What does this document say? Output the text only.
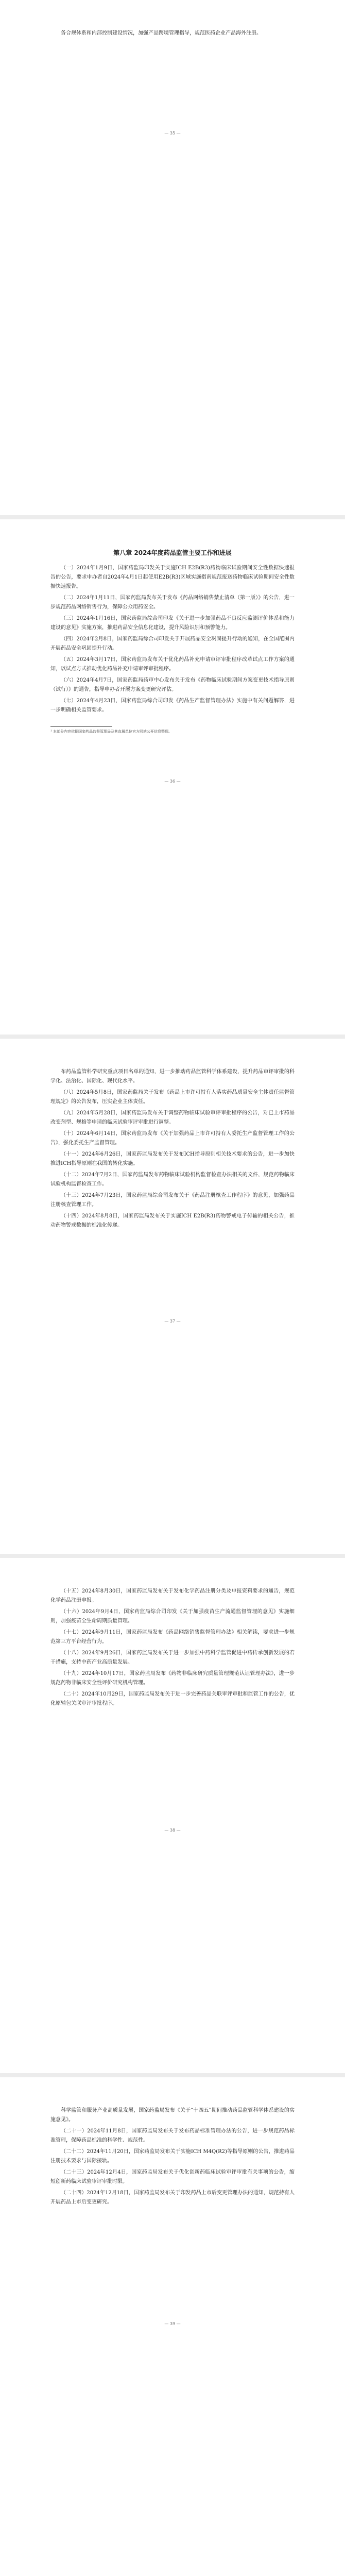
务合规体系和内部控制建设情况，加强产品跨境管理指导，规范医药企业产品海外注册。

— 35 —
第八章 2024年度药品监管主要工作和进展

（一）2024年1月9日，国家药监局印发关于实施ICH E2B(R3)药物临床试验期间安全性数据快速报告的公告，要求申办者自2024年4月1日起使用E2B(R3)区域实施指南规范报送药物临床试验期间安全性数据快速报告。

（二）2024年1月11日，国家药监局发布关于发布《药品网络销售禁止清单（第一版）》的公告，进一步规范药品网络销售行为，保障公众用药安全。

（三）2024年1月16日，国家药监局综合司印发《关于进一步加强药品不良反应监测评价体系和能力建设的意见》实施方案，推进药品安全信息化建设，提升风险识别和预警能力。

（四）2024年2月8日，国家药监局综合司印发关于开展药品安全巩固提升行动的通知，在全国范围内开展药品安全巩固提升行动。

（五）2024年3月17日，国家药监局发布关于优化药品补充申请审评审批程序改革试点工作方案的通知，以试点方式推动优化药品补充申请审评审批程序。

（六）2024年4月7日，国家药监局药审中心发布关于发布《药物临床试验期间方案变更技术指导原则（试行）》的通告，指导申办者开展方案变更研究评估。

（七）2024年4月23日，国家药监局综合司印发《药品生产监督管理办法》实施中有关问题解答，进一步明确相关监管要求。

¹ 本部分内容依据国家药品监督管理局及其直属单位官方网站公开信息整理。
— 36 —

布药品监管科学研究重点项目名单的通知，进一步推动药品监管科学体系建设，提升药品审评审批的科学化、法治化、国际化、现代化水平。

（八）2024年5月8日，国家药监局关于发布《药品上市许可持有人落实药品质量安全主体责任监督管理规定》的公告发布，压实企业主体责任。

（九）2024年5月28日，国家药监局发布关于调整药物临床试验审评审批程序的公告，对已上市药品改变剂型、规格等申请的临床试验审评审批进行调整。

（十）2024年6月14日，国家药监局发布《关于加强药品上市许可持有人委托生产监督管理工作的公告》，强化委托生产监督管理。

（十一）2024年6月26日，国家药监局发布关于发布ICH指导原则相关技术要求的公告，进一步加快推进ICH指导原则在我国的转化实施。

（十二）2024年7月2日，国家药监局发布药物临床试验机构监督检查办法相关的文件，规范药物临床试验机构监督检查工作。

（十三）2024年7月23日，国家药监局综合司发布关于《药品注册核查工作程序》的意见，加强药品注册核查管理工作。

（十四）2024年8月8日，国家药监局发布关于实施ICH E2B(R3)药物警戒电子传输的相关公告，推动药物警戒数据的标准化传递。

— 37 —

（十五）2024年8月30日，国家药监局发布关于发布化学药品注册分类及申报资料要求的通告，规范化学药品注册申报。

（十六）2024年9月4日，国家药监局综合司印发《关于加强疫苗生产流通监督管理的意见》实施细则，加强疫苗全生命周期质量管理。

（十七）2024年9月11日，国家药监局发布《药品网络销售监督管理办法》相关解读，要求进一步规范第三方平台经营行为。

（十八）2024年9月26日，国家药监局发布关于进一步加强中药科学监管促进中药传承创新发展的若干措施，支持中药产业高质量发展。

（十九）2024年10月17日，国家药监局发布《药物非临床研究质量管理规范认证管理办法》，进一步规范药物非临床安全性评价研究机构管理。

（二十）2024年10月29日，国家药监局发布关于进一步完善药品关联审评审批和监管工作的公告，优化原辅包关联审评审批程序。

— 38 —

科学监管和服务产业高质量发展，国家药监局发布《关于“十四五”期间推动药品监管科学体系建设的实施意见》。

（二十一）2024年11月8日，国家药监局发布关于发布药品标准管理办法的公告，进一步规范药品标准管理，保障药品标准的科学性、规范性。

（二十二）2024年11月20日，国家药监局发布关于实施ICH M4Q(R2)等指导原则的公告，推进药品注册技术要求与国际接轨。

（二十三）2024年12月4日，国家药监局发布关于优化创新药临床试验审评审批有关事项的公告，缩短创新药临床试验审评审批时限。

（二十四）2024年12月18日，国家药监局发布关于印发药品上市后变更管理办法的通知，规范持有人开展药品上市后变更研究。

— 39 —
